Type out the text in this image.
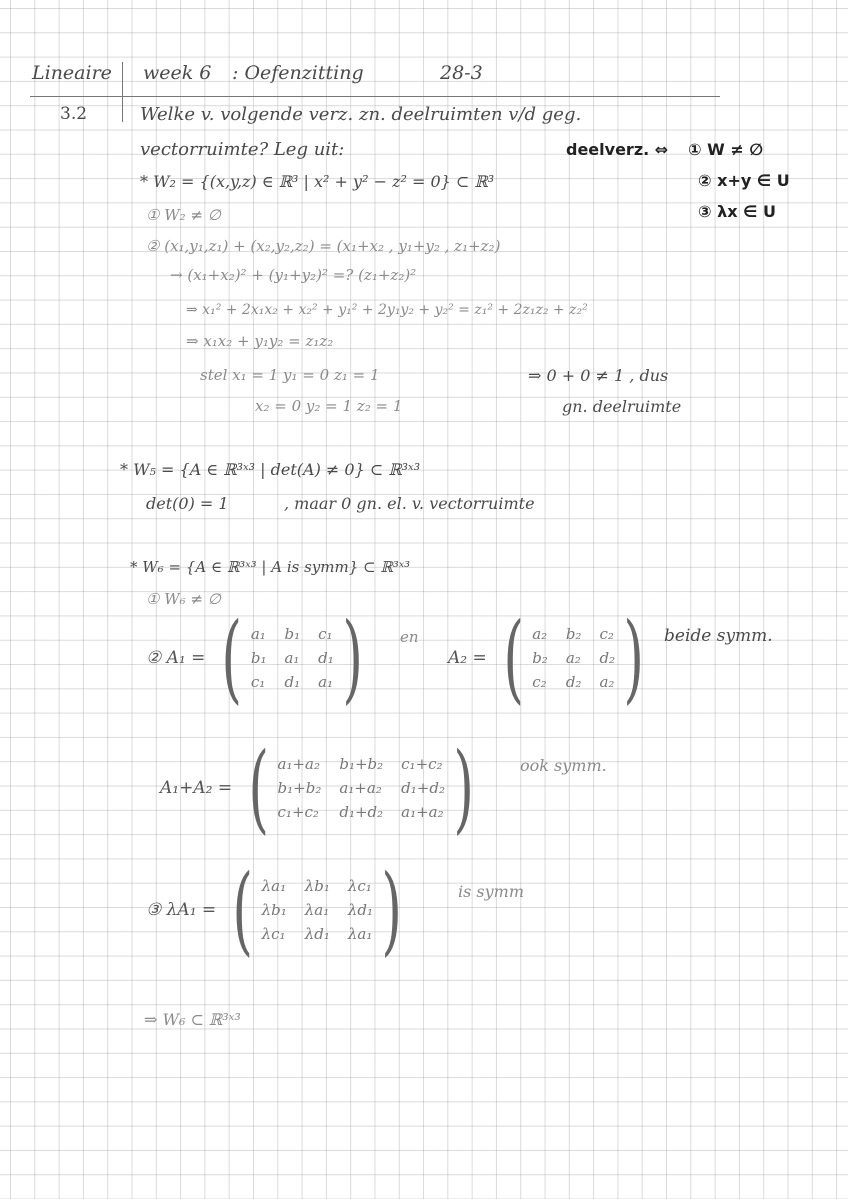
Lineaire week 6 : Oefenzitting	28-3
3.2	Welke v. volgende verz. zn. deelruimten v/d geg.
vectorruimte? Leg uit:	deelverz. ⇔ ① W ≠ ∅
② x+y ∈ U
③ λx ∈ U
* W₂ = {(x,y,z) ∈ ℝ³ | x² + y² − z² = 0} ⊂ ℝ³
① W₂ ≠ ∅
② (x₁,y₁,z₁) + (x₂,y₂,z₂) = (x₁+x₂ , y₁+y₂ , z₁+z₂)
→ (x₁+x₂)² + (y₁+y₂)² =? (z₁+z₂)²
⇒ x₁² + 2x₁x₂ + x₂² + y₁² + 2y₁y₂ + y₂² = z₁² + 2z₁z₂ + z₂²
⇒ x₁x₂ + y₁y₂ = z₁z₂
stel x₁ = 1 y₁ = 0 z₁ = 1
x₂ = 0 y₂ = 1 z₂ = 1
⇒ 0 + 0 ≠ 1 , dus
gn. deelruimte
* W₅ = {A ∈ ℝ³ˣ³ | det(A) ≠ 0} ⊂ ℝ³ˣ³
det(0) = 1	, maar 0 gn. el. v. vectorruimte
* W₆ = {A ∈ ℝ³ˣ³ | A is symm} ⊂ ℝ³ˣ³
① W₆ ≠ ∅
② A₁ = ( a₁ b₁ c₁
b₁ a₁ d₁
c₁ d₁ a₁ ) en
A₂ = ( a₂ b₂ c₂
b₂ a₂ d₂
c₂ d₂ a₂ ) beide symm.
A₁+A₂ = ( a₁+a₂ b₁+b₂ c₁+c₂
b₁+b₂ a₁+a₂ d₁+d₂
c₁+c₂ d₁+d₂ a₁+a₂ )	ook symm.
③ λA₁ = ( λa₁ λb₁ λc₁
λb₁ λa₁ λd₁
λc₁ λd₁ λa₁ )	is symm
⇒ W₆ ⊂ ℝ³ˣ³
